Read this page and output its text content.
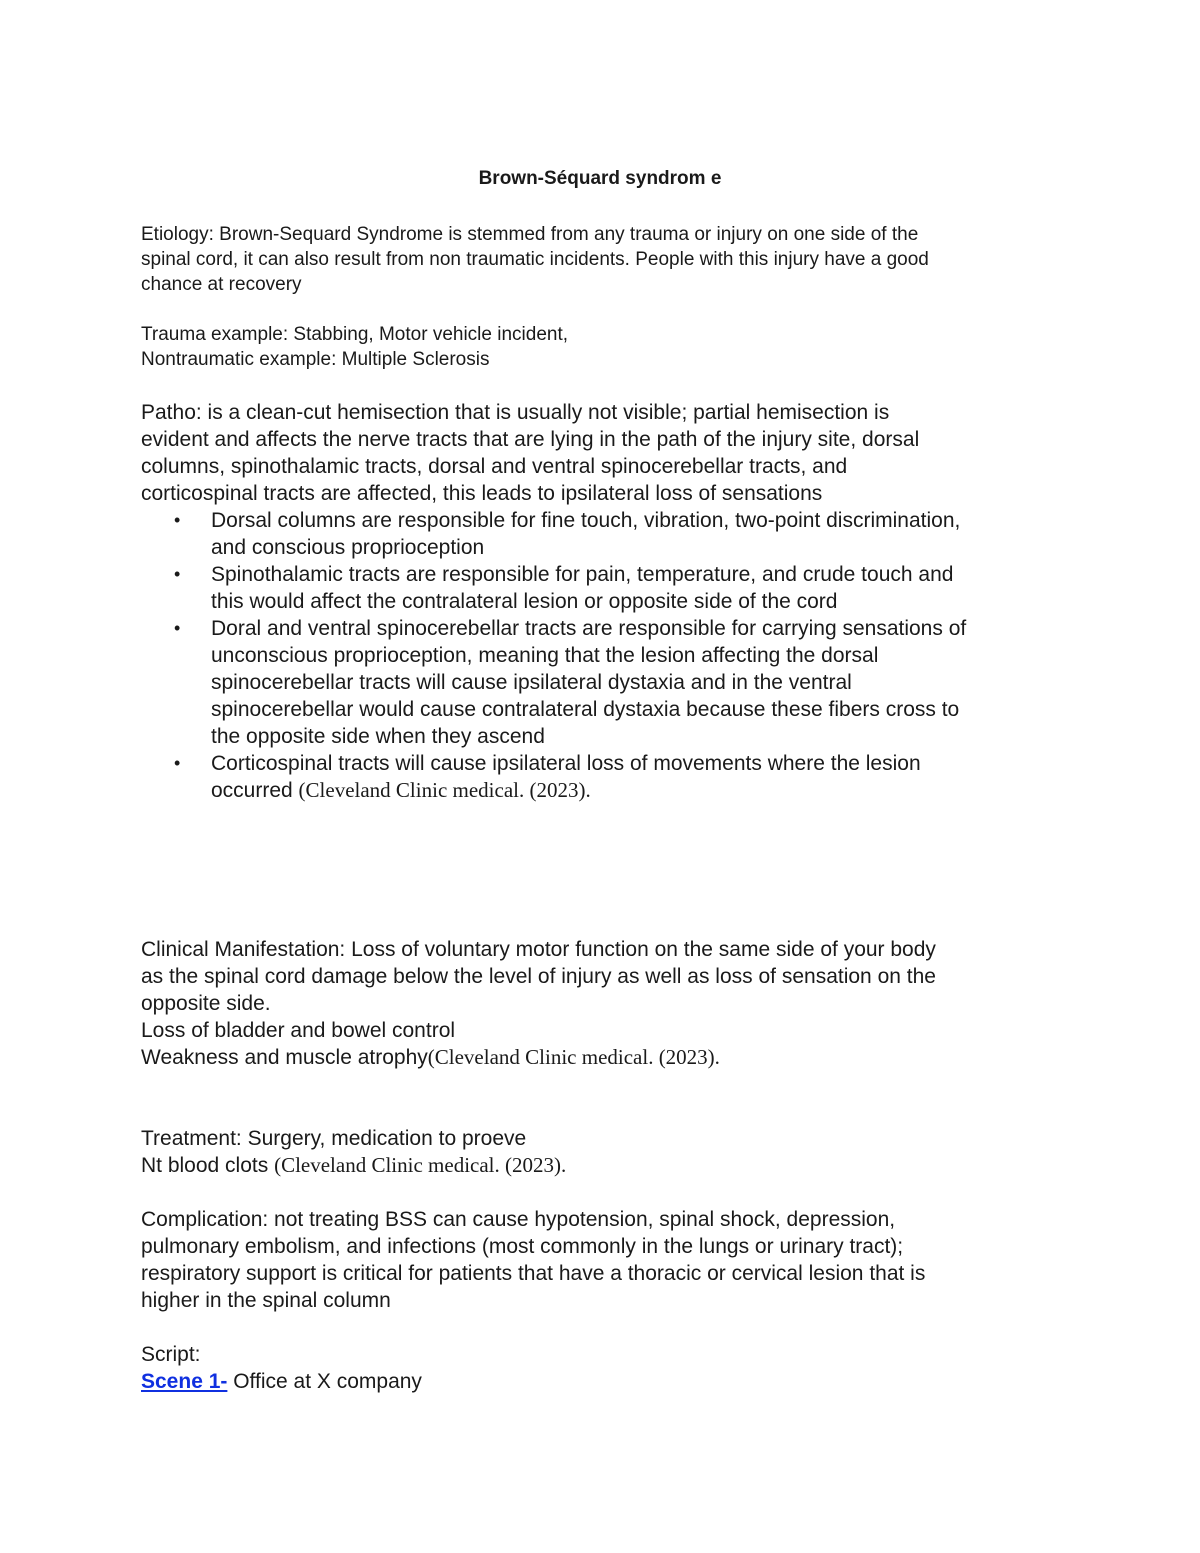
Brown-Séquard syndrom e
Etiology: Brown-Sequard Syndrome is stemmed from any trauma or injury on one side of the
spinal cord, it can also result from non traumatic incidents. People with this injury have a good
chance at recovery
Trauma example: Stabbing, Motor vehicle incident,
Nontraumatic example: Multiple Sclerosis
Patho: is a clean-cut hemisection that is usually not visible; partial hemisection is
evident and affects the nerve tracts that are lying in the path of the injury site, dorsal
columns, spinothalamic tracts, dorsal and ventral spinocerebellar tracts, and
corticospinal tracts are affected, this leads to ipsilateral loss of sensations
• Dorsal columns are responsible for fine touch, vibration, two-point discrimination,
and conscious proprioception
• Spinothalamic tracts are responsible for pain, temperature, and crude touch and
this would affect the contralateral lesion or opposite side of the cord
• Doral and ventral spinocerebellar tracts are responsible for carrying sensations of
unconscious proprioception, meaning that the lesion affecting the dorsal
spinocerebellar tracts will cause ipsilateral dystaxia and in the ventral
spinocerebellar would cause contralateral dystaxia because these fibers cross to
the opposite side when they ascend
• Corticospinal tracts will cause ipsilateral loss of movements where the lesion
occurred (Cleveland Clinic medical. (2023).
Clinical Manifestation: Loss of voluntary motor function on the same side of your body
as the spinal cord damage below the level of injury as well as loss of sensation on the
opposite side.
Loss of bladder and bowel control
Weakness and muscle atrophy(Cleveland Clinic medical. (2023).
Treatment: Surgery, medication to proeve
Nt blood clots (Cleveland Clinic medical. (2023).
Complication: not treating BSS can cause hypotension, spinal shock, depression,
pulmonary embolism, and infections (most commonly in the lungs or urinary tract);
respiratory support is critical for patients that have a thoracic or cervical lesion that is
higher in the spinal column
Script:
Scene 1- Office at X company
